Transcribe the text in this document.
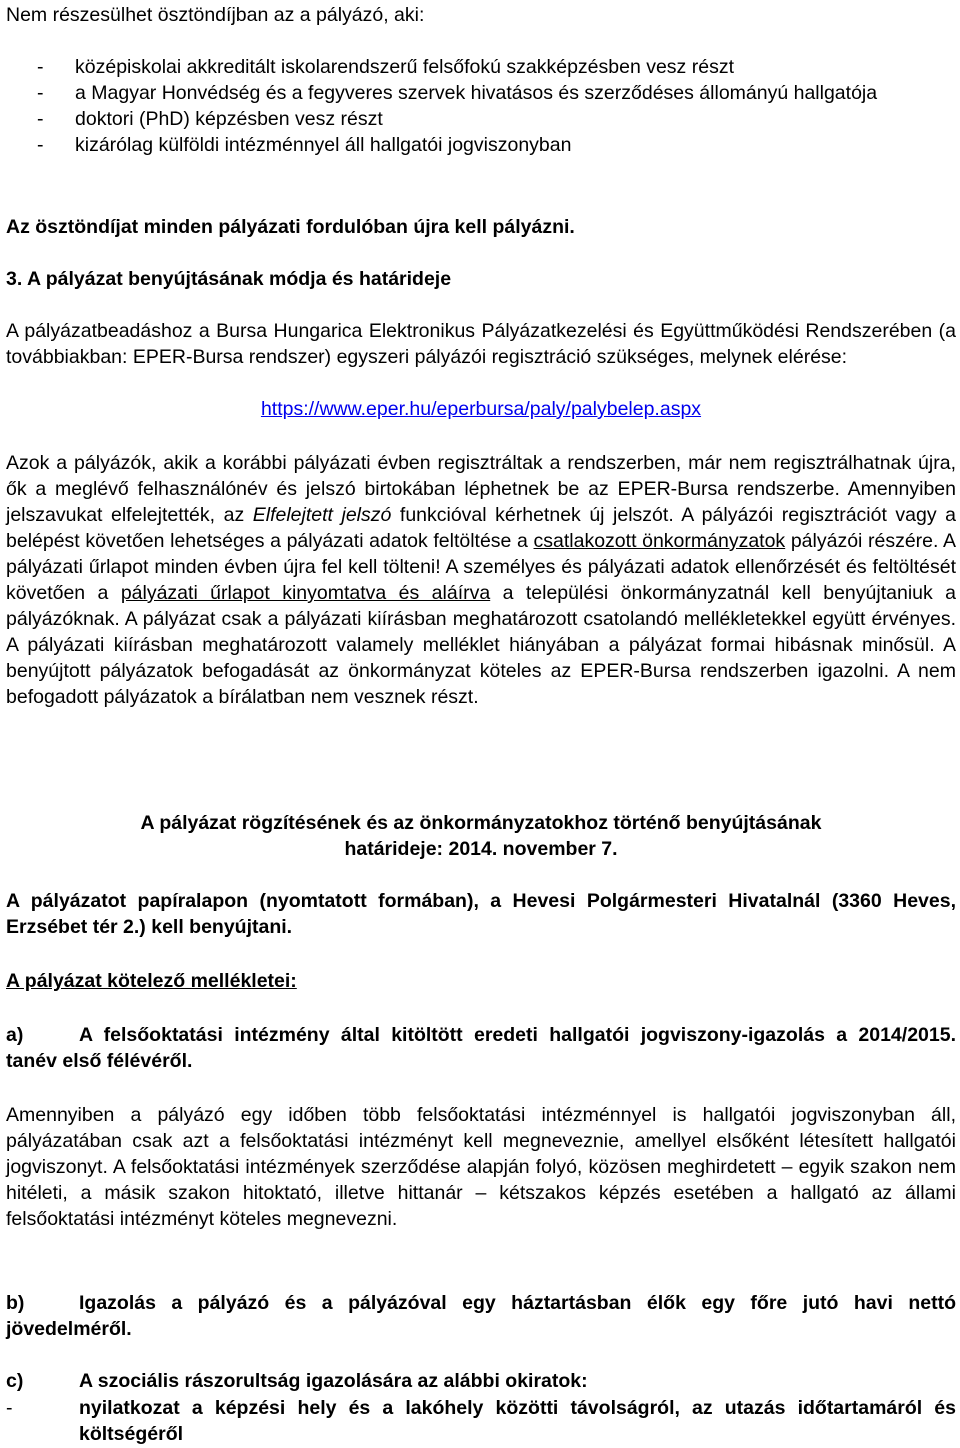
Nem részesülhet ösztöndíjban az a pályázó, aki:
-	középiskolai akkreditált iskolarendszerű felsőfokú szakképzésben vesz részt
-	a Magyar Honvédség és a fegyveres szervek hivatásos és szerződéses állományú hallgatója
-	doktori (PhD) képzésben vesz részt
-	kizárólag külföldi intézménnyel áll hallgatói jogviszonyban
Az ösztöndíjat minden pályázati fordulóban újra kell pályázni.
3. A pályázat benyújtásának módja és határideje
A pályázatbeadáshoz a Bursa Hungarica Elektronikus Pályázatkezelési és Együttműködési Rendszerében (a továbbiakban: EPER-Bursa rendszer) egyszeri pályázói regisztráció szükséges, melynek elérése:
https://www.eper.hu/eperbursa/paly/palybelep.aspx
Azok a pályázók, akik a korábbi pályázati évben regisztráltak a rendszerben, már nem regisztrálhatnak újra, ők a meglévő felhasználónév és jelszó birtokában léphetnek be az EPER-Bursa rendszerbe. Amennyiben jelszavukat elfelejtették, az Elfelejtett jelszó funkcióval kérhetnek új jelszót. A pályázói regisztrációt vagy a belépést követően lehetséges a pályázati adatok feltöltése a csatlakozott önkormányzatok pályázói részére. A pályázati űrlapot minden évben újra fel kell tölteni! A személyes és pályázati adatok ellenőrzését és feltöltését követően a pályázati űrlapot kinyomtatva és aláírva a települési önkormányzatnál kell benyújtaniuk a pályázóknak. A pályázat csak a pályázati kiírásban meghatározott csatolandó mellékletekkel együtt érvényes. A pályázati kiírásban meghatározott valamely melléklet hiányában a pályázat formai hibásnak minősül. A benyújtott pályázatok befogadását az önkormányzat köteles az EPER-Bursa rendszerben igazolni. A nem befogadott pályázatok a bírálatban nem vesznek részt.
A pályázat rögzítésének és az önkormányzatokhoz történő benyújtásának
határideje: 2014. november 7.
A pályázatot papíralapon (nyomtatott formában), a Hevesi Polgármesteri Hivatalnál (3360 Heves, Erzsébet tér 2.) kell benyújtani.
A pályázat kötelező mellékletei:
a)	A felsőoktatási intézmény által kitöltött eredeti hallgatói jogviszony-igazolás a 2014/2015. tanév első félévéről.
Amennyiben a pályázó egy időben több felsőoktatási intézménnyel is hallgatói jogviszonyban áll, pályázatában csak azt a felsőoktatási intézményt kell megneveznie, amellyel elsőként létesített hallgatói jogviszonyt. A felsőoktatási intézmények szerződése alapján folyó, közösen meghirdetett – egyik szakon nem hitéleti, a másik szakon hitoktató, illetve hittanár – kétszakos képzés esetében a hallgató az állami felsőoktatási intézményt köteles megnevezni.
b)	Igazolás a pályázó és a pályázóval egy háztartásban élők egy főre jutó havi nettó jövedelméről.
c)	A szociális rászorultság igazolására az alábbi okiratok:
-	nyilatkozat a képzési hely és a lakóhely közötti távolságról, az utazás időtartamáról és költségéről
